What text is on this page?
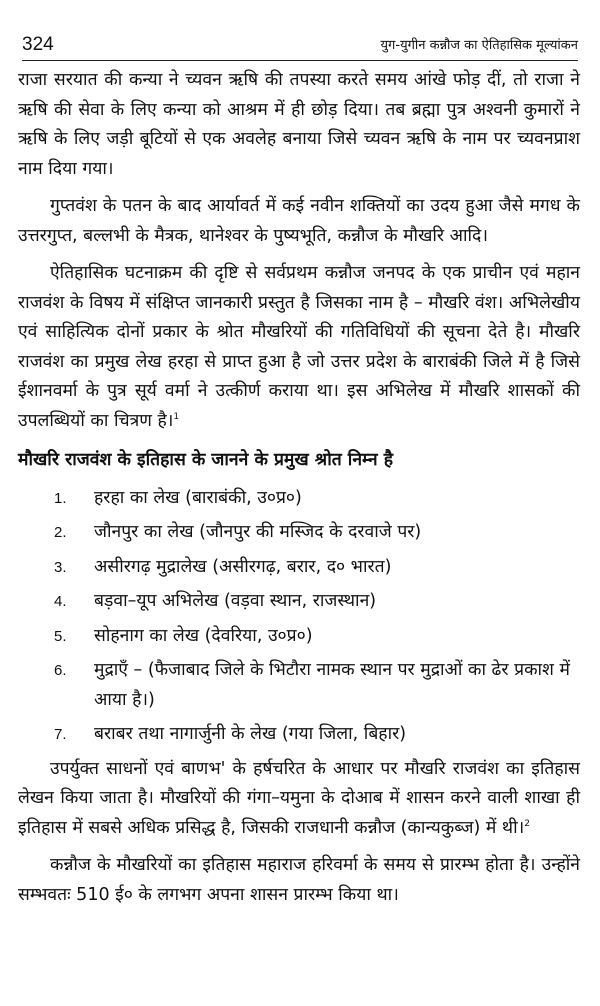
324	युग-युगीन कन्नौज का ऐतिहासिक मूल्यांकन

राजा सरयात की कन्या ने च्यवन ऋषि की तपस्या करते समय आंखे फोड़ दीं, तो राजा ने ऋषि की सेवा के लिए कन्या को आश्रम में ही छोड़ दिया। तब ब्रह्मा पुत्र अश्वनी कुमारों ने ऋषि के लिए जड़ी बूटियों से एक अवलेह बनाया जिसे च्यवन ऋषि के नाम पर च्यवनप्राश नाम दिया गया।

गुप्तवंश के पतन के बाद आर्यावर्त में कई नवीन शक्तियों का उदय हुआ जैसे मगध के उत्तरगुप्त, बल्लभी के मैत्रक, थानेश्वर के पुष्यभूति, कन्नौज के मौखरि आदि।

ऐतिहासिक घटनाक्रम की दृष्टि से सर्वप्रथम कन्नौज जनपद के एक प्राचीन एवं महान राजवंश के विषय में संक्षिप्त जानकारी प्रस्तुत है जिसका नाम है – मौखरि वंश। अभिलेखीय एवं साहित्यिक दोनों प्रकार के श्रोत मौखरियों की गतिविधियों की सूचना देते है। मौखरि राजवंश का प्रमुख लेख हरहा से प्राप्त हुआ है जो उत्तर प्रदेश के बाराबंकी जिले में है जिसे ईशानवर्मा के पुत्र सूर्य वर्मा ने उत्कीर्ण कराया था। इस अभिलेख में मौखरि शासकों की उपलब्धियों का चित्रण है।$^1$

मौखरि राजवंश के इतिहास के जानने के प्रमुख श्रोत निम्न है
1.	हरहा का लेख (बाराबंकी, उ०प्र०)
2.	जौनपुर का लेख (जौनपुर की मस्जिद के दरवाजे पर)
3.	असीरगढ़ मुद्रालेख (असीरगढ़, बरार, द० भारत)
4.	बड़वा–यूप अभिलेख (वड़वा स्थान, राजस्थान)
5.	सोहनाग का लेख (देवरिया, उ०प्र०)
6.	मुद्राएँ – (फैजाबाद जिले के भिटौरा नामक स्थान पर मुद्राओं का ढेर प्रकाश में आया है।)
7.	बराबर तथा नागार्जुनी के लेख (गया जिला, बिहार)

उपर्युक्त साधनों एवं बाणभ' के हर्षचरित के आधार पर मौखरि राजवंश का इतिहास लेखन किया जाता है। मौखरियों की गंगा–यमुना के दोआब में शासन करने वाली शाखा ही इतिहास में सबसे अधिक प्रसिद्ध है, जिसकी राजधानी कन्नौज (कान्यकुब्ज) में थी।$^2$

कन्नौज के मौखरियों का इतिहास महाराज हरिवर्मा के समय से प्रारम्भ होता है। उन्होंने सम्भवतः 510 ई० के लगभग अपना शासन प्रारम्भ किया था।
